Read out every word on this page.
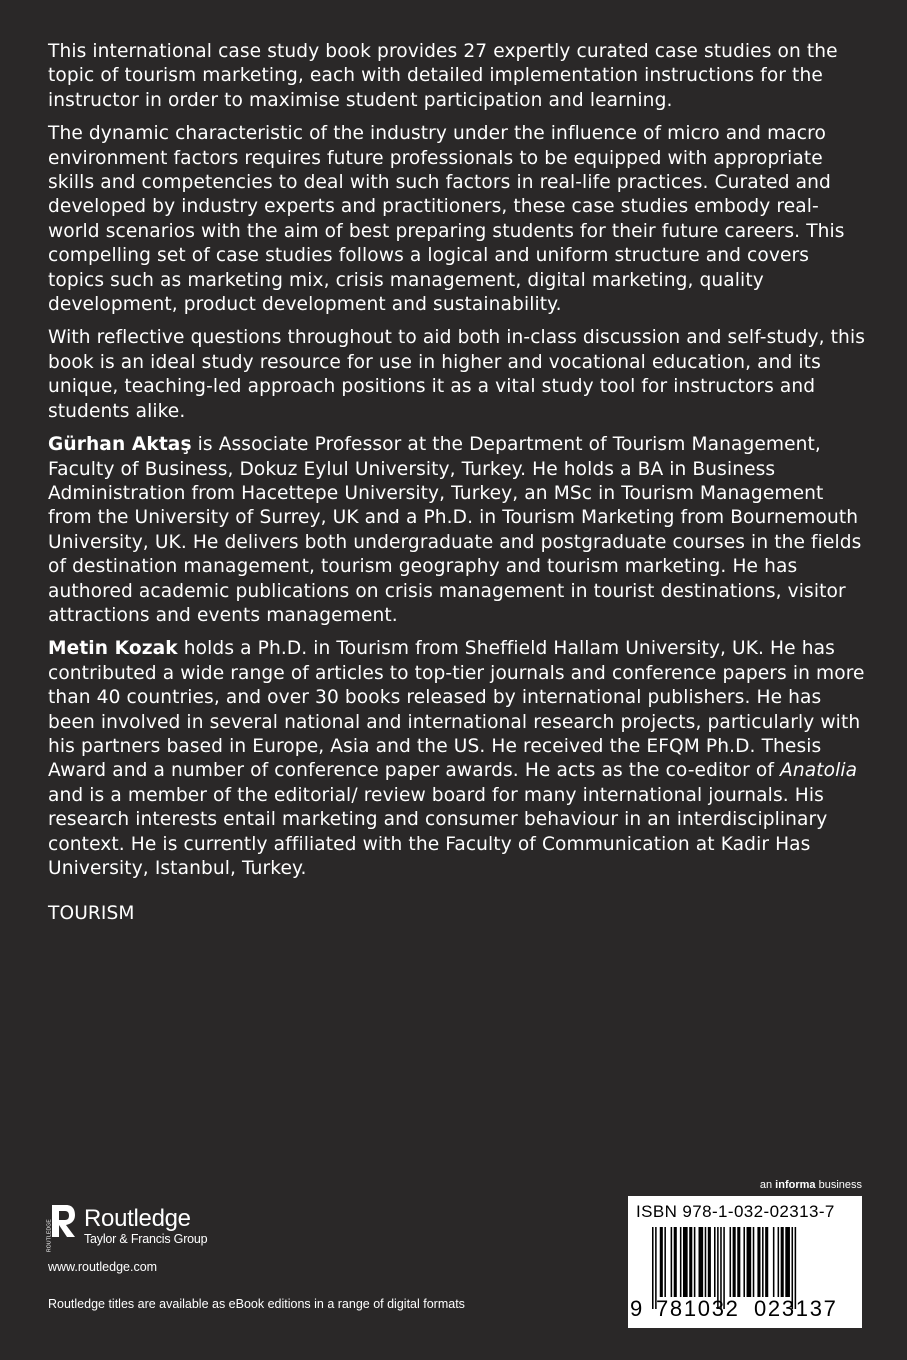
This international case study book provides 27 expertly curated case studies on the topic of tourism marketing, each with detailed implementation instructions for the instructor in order to maximise student participation and learning.

The dynamic characteristic of the industry under the influence of micro and macro environment factors requires future professionals to be equipped with appropriate skills and competencies to deal with such factors in real-life practices. Curated and developed by industry experts and practitioners, these case studies embody real-world scenarios with the aim of best preparing students for their future careers. This compelling set of case studies follows a logical and uniform structure and covers topics such as marketing mix, crisis management, digital marketing, quality development, product development and sustainability.

With reflective questions throughout to aid both in-class discussion and self-study, this book is an ideal study resource for use in higher and vocational education, and its unique, teaching-led approach positions it as a vital study tool for instructors and students alike.

Gürhan Aktaş is Associate Professor at the Department of Tourism Management, Faculty of Business, Dokuz Eylul University, Turkey. He holds a BA in Business Administration from Hacettepe University, Turkey, an MSc in Tourism Management from the University of Surrey, UK and a Ph.D. in Tourism Marketing from Bournemouth University, UK. He delivers both undergraduate and postgraduate courses in the fields of destination management, tourism geography and tourism marketing. He has authored academic publications on crisis management in tourist destinations, visitor attractions and events management.

Metin Kozak holds a Ph.D. in Tourism from Sheffield Hallam University, UK. He has contributed a wide range of articles to top-tier journals and conference papers in more than 40 countries, and over 30 books released by international publishers. He has been involved in several national and international research projects, particularly with his partners based in Europe, Asia and the US. He received the EFQM Ph.D. Thesis Award and a number of conference paper awards. He acts as the co-editor of Anatolia and is a member of the editorial/ review board for many international journals. His research interests entail marketing and consumer behaviour in an interdisciplinary context. He is currently affiliated with the Faculty of Communication at Kadir Has University, Istanbul, Turkey.

TOURISM

ROUTLEDGE
Routledge
Taylor & Francis Group
www.routledge.com
Routledge titles are available as eBook editions in a range of digital formats
an informa business
ISBN 978-1-032-02313-7
9 781032 023137
